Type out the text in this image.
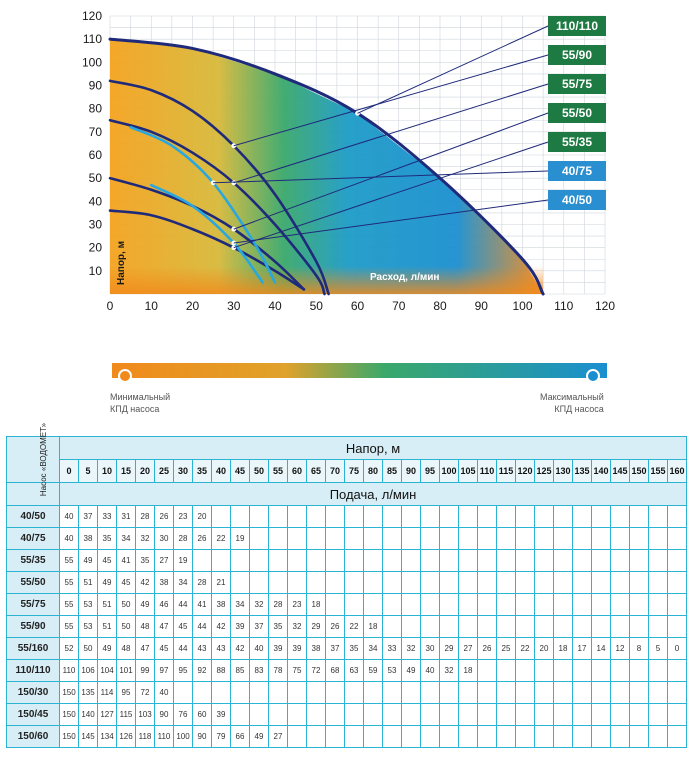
110/110
55/90
55/75
55/50
55/35
40/75
40/50
0	10 20 30 40 50 60 70 80 90 100 110 120
10
20
30
40
50
60
70
80
90
100
110
120
Напор, м	Расход, л/мин
Минимальный
КПД насоса
Максимальный
КПД насоса
Насос «ВОДОМЕТ»	Напор, м																																
	0	5	10	15	20	25	30	35	40	45	50	55	60	65	70	75	80	85	90	95	100	105	110	115	120	125	130	135	140	145	150	155	160
	Подача, л/мин																																
40/50	40	37	33	31	28	26	23	20																									
40/75	40	38	35	34	32	30	28	26	22	19																							
55/35	55	49	45	41	35	27	19																										
55/50	55	51	49	45	42	38	34	28	21																								
55/75	55	53	51	50	49	46	44	41	38	34	32	28	23	18																			
55/90	55	53	51	50	48	47	45	44	42	39	37	35	32	29	26	22	18																
55/160	52	50	49	48	47	45	44	43	43	42	40	39	39	38	37	35	34	33	32	30	29	27	26	25	22	20	18	17	14	12	8	5	0
110/110	110	106	104	101	99	97	95	92	88	85	83	78	75	72	68	63	59	53	49	40	32	18											
150/30	150	135	114	95	72	40																											
150/45	150	140	127	115	103	90	76	60	39																								
150/60	150	145	134	126	118	110	100	90	79	66	49	27																					
